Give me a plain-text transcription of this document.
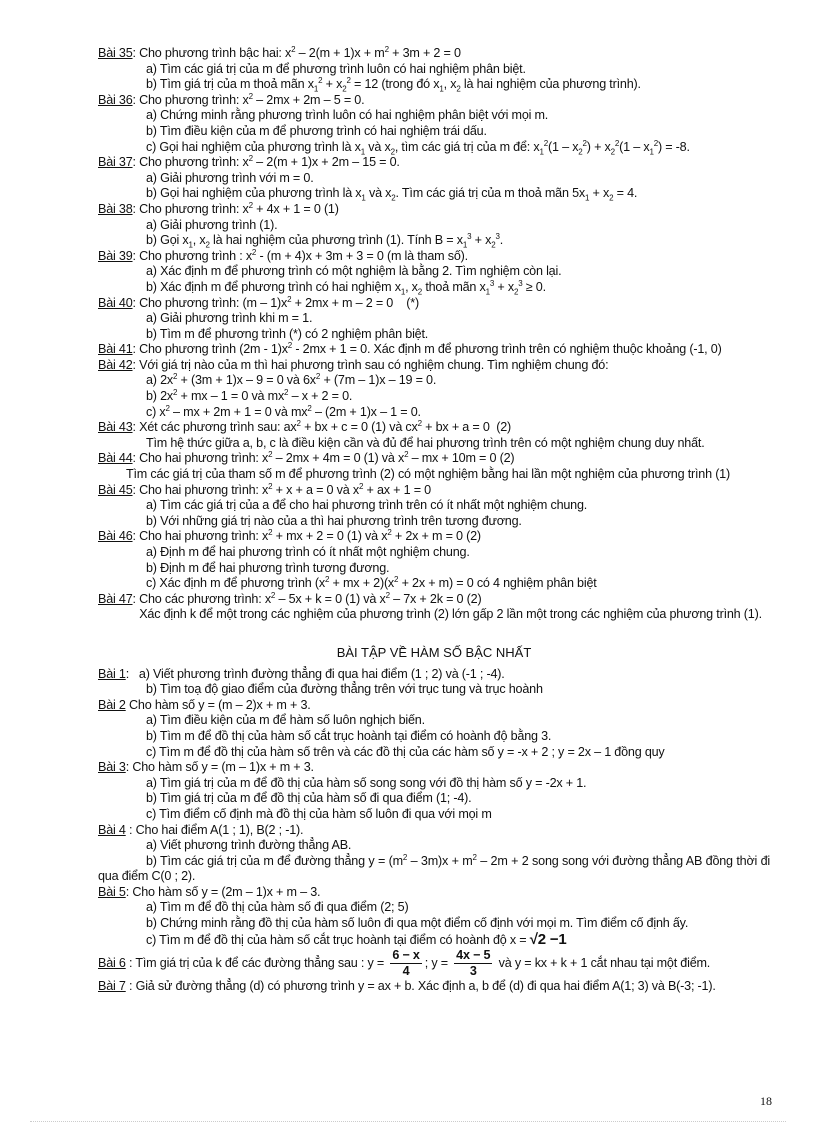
Bài 35: Cho phương trình bậc hai: $x^2 - 2(m + 1)x + m^2 + 3m + 2 = 0$
a) Tìm các giá trị của m để phương trình luôn có hai nghiệm phân biệt.
b) Tìm giá trị của m thoả mãn $x_1^2 + x_2^2 = 12$ (trong đó $x_1$, $x_2$ là hai nghiệm của phương trình).
Bài 36: Cho phương trình: $x^2 - 2mx + 2m - 5 = 0$.
a) Chứng minh rằng phương trình luôn có hai nghiệm phân biệt với mọi m.
b) Tìm điều kiện của m để phương trình có hai nghiệm trái dấu.
c) Gọi hai nghiệm của phương trình là $x_1$ và $x_2$, tìm các giá trị của m để: $x_1^2(1 - x_2^2) + x_2^2(1 - x_1^2) = -8$.
Bài 37: Cho phương trình: $x^2 - 2(m + 1)x + 2m - 15 = 0$.
a) Giải phương trình với m = 0.
b) Gọi hai nghiệm của phương trình là $x_1$ và $x_2$. Tìm các giá trị của m thoả mãn $5x_1 + x_2 = 4$.
Bài 38: Cho phương trình: $x^2 + 4x + 1 = 0$ (1)
a) Giải phương trình (1).
b) Gọi $x_1$, $x_2$ là hai nghiệm của phương trình (1). Tính $B = x_1^3 + x_2^3$.
Bài 39: Cho phương trình : $x^2 - (m + 4)x + 3m + 3 = 0$ (m là tham số).
a) Xác định m để phương trình có một nghiệm là bằng 2. Tìm nghiệm còn lại.
b) Xác định m để phương trình có hai nghiệm $x_1$, $x_2$ thoả mãn $x_1^3 + x_2^3 \ge 0$.
Bài 40: Cho phương trình: $(m - 1)x^2 + 2mx + m - 2 = 0$    (*)
a) Giải phương trình khi m = 1.
b) Tìm m để phương trình (*) có 2 nghiệm phân biệt.
Bài 41: Cho phương trình $(2m - 1)x^2 - 2mx + 1 = 0$. Xác định m để phương trình trên có nghiệm thuộc khoảng (-1, 0)
Bài 42: Với giá trị nào của m thì hai phương trình sau có nghiệm chung. Tìm nghiệm chung đó:
a) $2x^2 + (3m + 1)x - 9 = 0$ và $6x^2 + (7m - 1)x - 19 = 0$.
b) $2x^2$ + mx – 1 = 0 và $mx^2 - x + 2 = 0$.
c) $x^2$ – mx + 2m + 1 = 0 và $mx^2 - (2m + 1)x - 1 = 0$.
Bài 43: Xét các phương trình sau: $ax^2$ + bx + c = 0 (1) và $cx^2$ + bx + a = 0  (2)
Tìm hệ thức giữa a, b, c là điều kiện cần và đủ để hai phương trình trên có một nghiệm chung duy nhất.
Bài 44: Cho hai phương trình: $x^2 - 2mx + 4m = 0$ (1) và $x^2$ – mx + 10m = 0 (2)
Tìm các giá trị của tham số m để phương trình (2) có một nghiệm bằng hai lần một nghiệm của phương trình (1)
Bài 45: Cho hai phương trình: $x^2 + x + a = 0$ và $x^2$ + ax + 1 = 0
a) Tìm các giá trị của a để cho hai phương trình trên có ít nhất một nghiệm chung.
b) Với những giá trị nào của a thì hai phương trình trên tương đương.
Bài 46: Cho hai phương trình: $x^2$ + mx + 2 = 0 (1) và $x^2 + 2x + m = 0$ (2)
a) Định m để hai phương trình có ít nhất một nghiệm chung.
b) Định m để hai phương trình tương đương.
c) Xác định m để phương trình ($x^2$ + mx + $2)(x^2 + 2x + m) = 0$ có 4 nghiệm phân biệt
Bài 47: Cho các phương trình: $x^2 - 5x + k = 0$ (1) và $x^2 - 7x + 2k = 0$ (2)
Xác định k để một trong các nghiệm của phương trình (2) lớn gấp 2 lần một trong các nghiệm của phương trình (1).
BÀI TẬP VỀ HÀM SỐ BẬC NHẤT
Bài 1:   a) Viết phương trình đường thẳng đi qua hai điểm (1 ; 2) và (-1 ; -4).
b) Tìm toạ độ giao điểm của đường thẳng trên với trục tung và trục hoành
Bài 2 Cho hàm số y = (m – 2)x + m + 3.
a) Tìm điều kiện của m để hàm số luôn nghịch biến.
b) Tìm m để đồ thị của hàm số cắt trục hoành tại điểm có hoành độ bằng 3.
c) Tìm m để đồ thị của hàm số trên và các đồ thị của các hàm số y = -x + 2 ; y = 2x – 1 đồng quy
Bài 3: Cho hàm số y = (m – 1)x + m + 3.
a) Tìm giá trị của m để đồ thị của hàm số song song với đồ thị hàm số y = -2x + 1.
b) Tìm giá trị của m để đồ thị của hàm số đi qua điểm (1; -4).
c) Tìm điểm cố định mà đồ thị của hàm số luôn đi qua với mọi m
Bài 4 : Cho hai điểm A(1 ; 1), B(2 ; -1).
a) Viết phương trình đường thẳng AB.
b) Tìm các giá trị của m để đường thẳng $y = (m^2 - 3m)x + m^2 - 2m + 2$ song song với đường thẳng AB đồng thời đi qua điểm C(0 ; 2).
Bài 5: Cho hàm số y = (2m – 1)x + m – 3.
a) Tìm m để đồ thị của hàm số đi qua điểm (2; 5)
b) Chứng minh rằng đồ thị của hàm số luôn đi qua một điểm cố định với mọi m. Tìm điểm cố định ấy.
c) Tìm m để đồ thị của hàm số cắt trục hoành tại điểm có hoành độ x = √2 −1
Bài 6 : Tìm giá trị của k để các đường thẳng sau : $y = \frac{6 - x}{4}$ ; $y = \frac{4x - 5}{3}$ và y = kx + k + 1 cắt nhau tại một điểm.
Bài 7 : Giả sử đường thẳng (d) có phương trình y = ax + b. Xác định a, b để (d) đi qua hai điểm A(1; 3) và B(-3; -1).
18
